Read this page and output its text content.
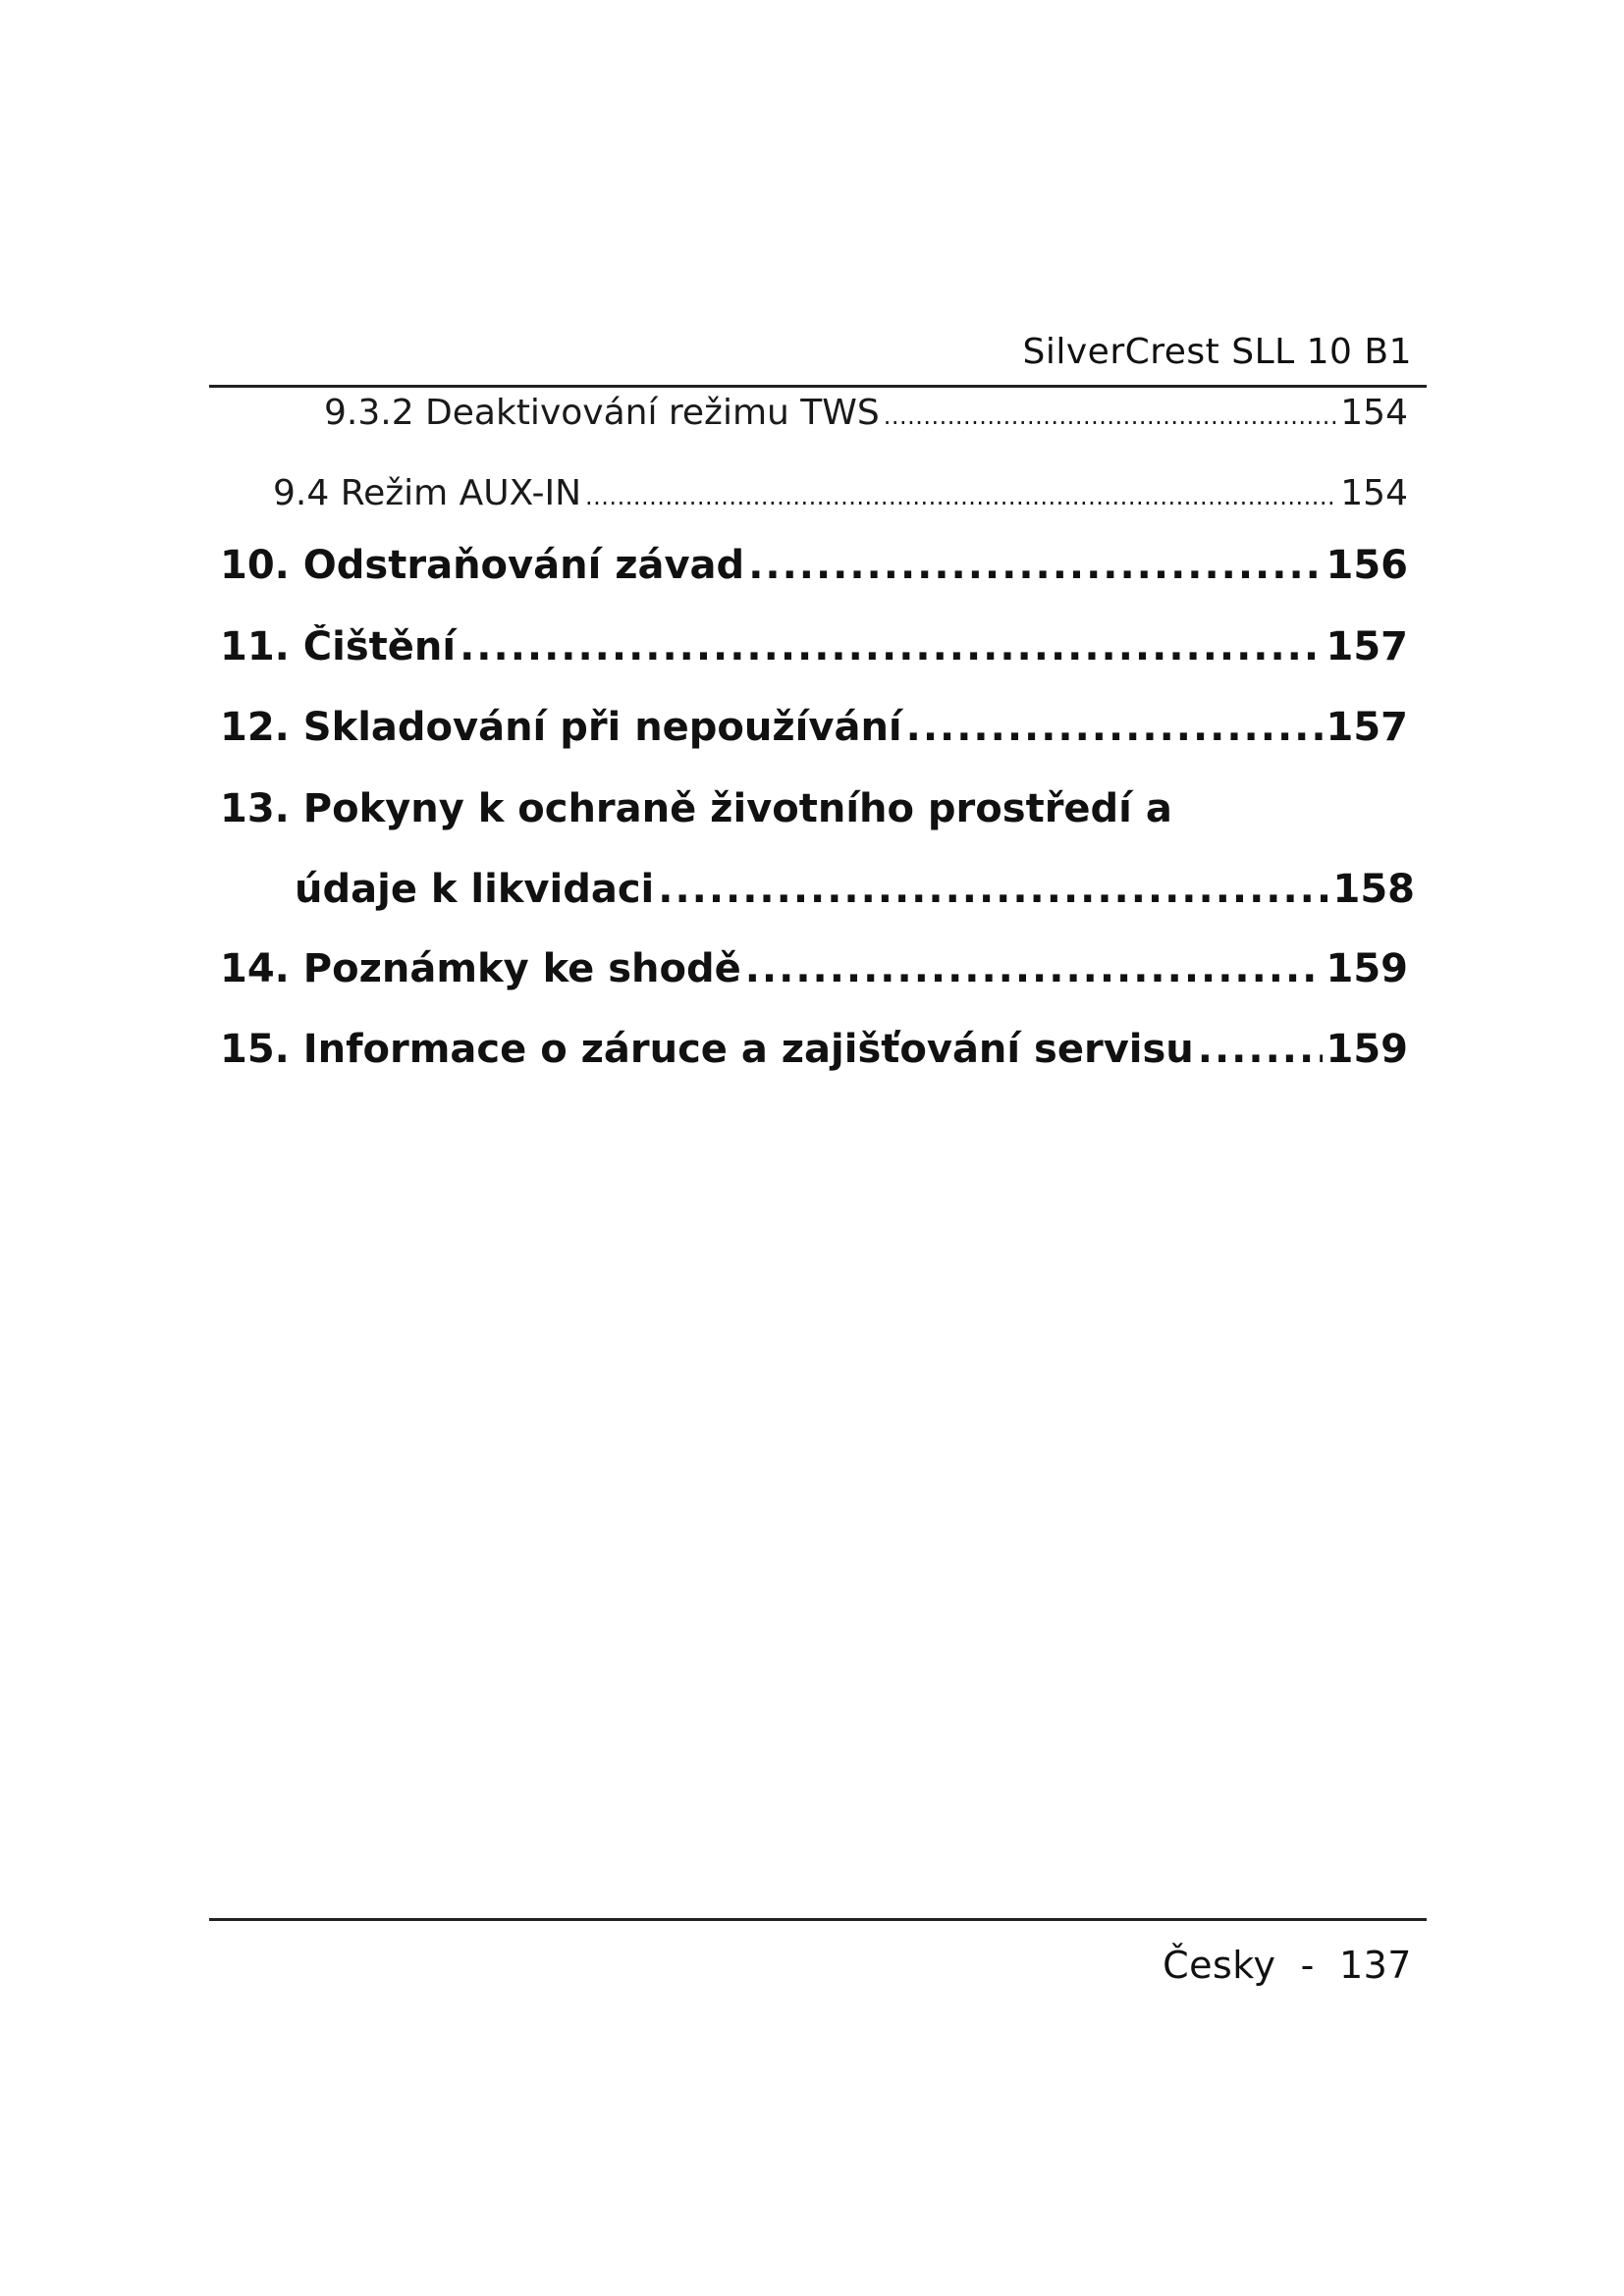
SilverCrest SLL 10 B1
9.3.2 Deaktivování režimu TWS .....	154
9.4 Režim AUX-IN .....	154
10. Odstraňování závad .....	156
11. Čištění .....	157
12. Skladování při nepoužívání .....	157
13. Pokyny k ochraně životního prostředí a
údaje k likvidaci .....	158
14. Poznámky ke shodě .....	159
15. Informace o záruce a zajišťování servisu .....	159
Česky  -  137
